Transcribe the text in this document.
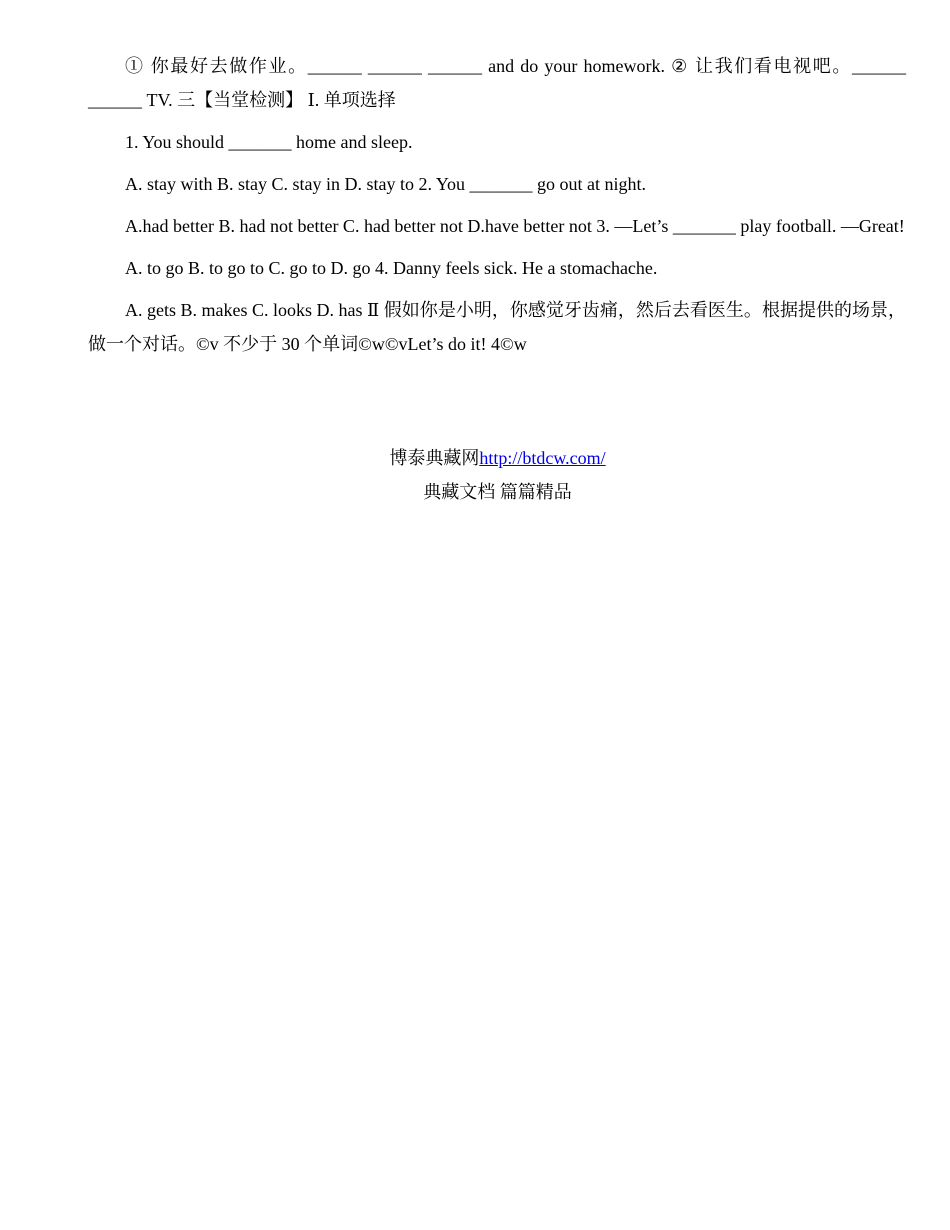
① 你最好去做作业。______ ______ ______ and do your homework. ② 让我们看电视吧。______ ______ TV. 三【当堂检测】 Ⅰ. 单项选择

1. You should _______ home and sleep.

A. stay with B. stay C. stay in D. stay to 2. You _______ go out at night.

A.had better B. had not better C. had better not D.have better not 3. —Let’s _______ play football. —Great!

A. to go B. to go to C. go to D. go 4. Danny feels sick. He a stomachache.

A. gets B. makes C. looks D. has Ⅱ 假如你是小明，你感觉牙齿痛，然后去看医生。根据提供的场景，做一个对话。©v 不少于 30 个单词©w©vLet’s do it! 4©w

博泰典藏网http://btdcw.com/
典藏文档 篇篇精品
